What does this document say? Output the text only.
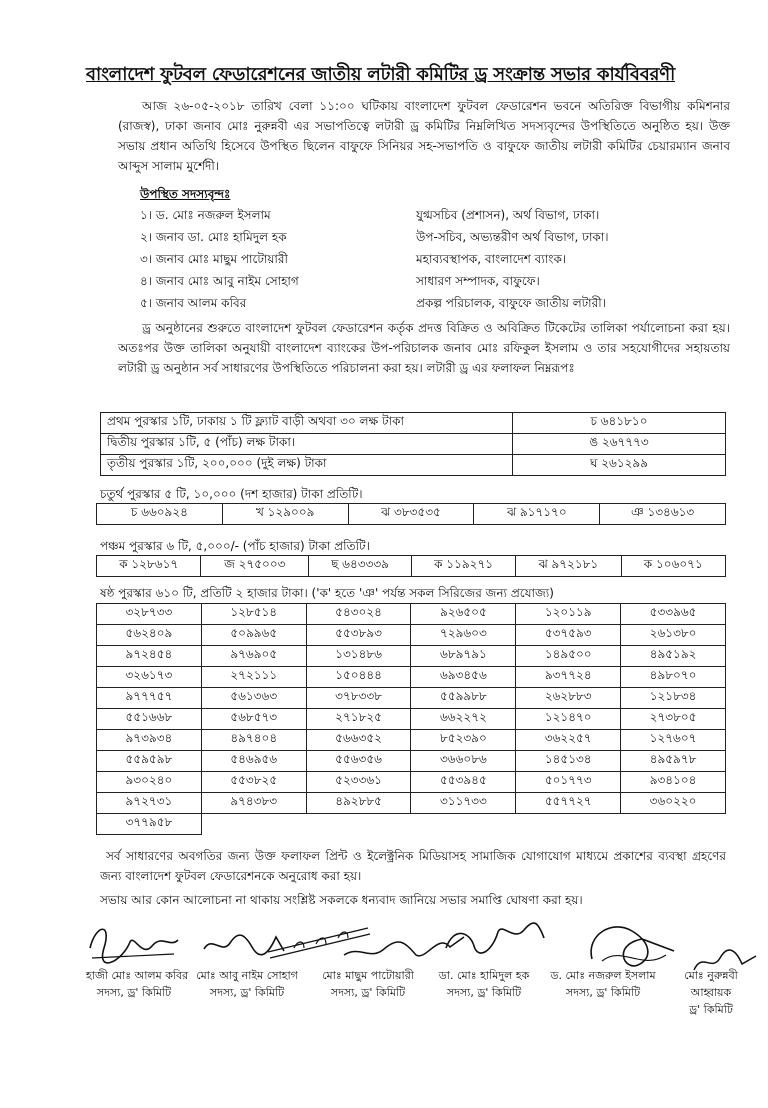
বাংলাদেশ ফুটবল ফেডারেশনের জাতীয় লটারী কমিটির ড্র সংক্রান্ত সভার কার্যবিবরণী
আজ ২৬-০৫-২০১৮ তারিখ বেলা ১১:০০ ঘটিকায় বাংলাদেশ ফুটবল ফেডারেশন ভবনে অতিরিক্ত বিভাগীয় কমিশনার (রাজস্ব), ঢাকা জনাব মোঃ নুরুন্নবী এর সভাপতিত্বে লটারী ড্র কমিটির নিম্নলিখিত সদস্যবৃন্দের উপস্থিতিতে অনুষ্ঠিত হয়। উক্ত সভায় প্রধান অতিথি হিসেবে উপস্থিত ছিলেন বাফুফে সিনিয়র সহ-সভাপতি ও বাফুফে জাতীয় লটারী কমিটির চেয়ারম্যান জনাব আব্দুস সালাম মুর্শেদী।
উপস্থিত সদস্যবৃন্দঃ
১। ড. মোঃ নজরুল ইসলাম	যুগ্মসচিব (প্রশাসন), অর্থ বিভাগ, ঢাকা।
২। জনাব ডা. মোঃ হামিদুল হক	উপ-সচিব, অভ্যন্তরীণ অর্থ বিভাগ, ঢাকা।
৩। জনাব মোঃ মাছুম পাটোয়ারী	মহাব্যবস্থাপক, বাংলাদেশ ব্যাংক।
৪। জনাব মোঃ আবু নাইম সোহাগ	সাধারণ সম্পাদক, বাফুফে।
৫। জনাব আলম কবির	প্রকল্প পরিচালক, বাফুফে জাতীয় লটারী।
ড্র অনুষ্ঠানের শুরুতে বাংলাদেশ ফুটবল ফেডারেশন কর্তৃক প্রদত্ত বিক্রিত ও অবিক্রিত টিকেটের তালিকা পর্যালোচনা করা হয়। অতঃপর উক্ত তালিকা অনুযায়ী বাংলাদেশ ব্যাংকের উপ-পরিচালক জনাব মোঃ রফিকুল ইসলাম ও তার সহযোগীদের সহায়তায় লটারী ড্র অনুষ্ঠান সর্ব সাধারণের উপস্থিতিতে পরিচালনা করা হয়। লটারী ড্র এর ফলাফল নিম্নরূপঃ
প্রথম পুরস্কার ১টি, ঢাকায় ১ টি ফ্ল্যাট বাড়ী অথবা ৩০ লক্ষ টাকা	চ ৬৪১৮১০
দ্বিতীয় পুরস্কার ১টি, ৫ (পাঁচ) লক্ষ টাকা।	ঙ ২৬৭৭৭৩
তৃতীয় পুরস্কার ১টি, ২০০,০০০ (দুই লক্ষ) টাকা	ঘ ২৬১২৯৯
চতুর্থ পুরস্কার ৫ টি, ১০,০০০ (দশ হাজার) টাকা প্রতিটি।
চ ৬৬০৯২৪	খ ১২৯০০৯	ঝ ৩৮৩৫৩৫	ঝ ৯১৭১৭০	ঞ ১৩৪৬১৩
পঞ্চম পুরস্কার ৬ টি, ৫,০০০/- (পাঁচ হাজার) টাকা প্রতিটি।
ক ১২৮৬১৭	জ ২৭৫০০৩	ছ ৬৪৩৩৩৯	ক ১১৯২৭১	ঝ ৯৭২১৮১	ক ১০৬০৭১
ষষ্ঠ পুরস্কার ৬১০ টি, প্রতিটি ২ হাজার টাকা। ('ক' হতে 'ঞ' পর্যন্ত সকল সিরিজের জন্য প্রযোজ্য)
৩২৮৭৩৩	১২৮৫১৪	৫৪৩০২৪	৯২৬৫০৫	১২০১১৯	৫৩৩৯৬৫
৫৬২৪০৯	৫০৯৯৬৫	৫৫৩৮৯৩	৭২৯৬০৩	৫৩৭৫৯৩	২৬১৩৮০
৯৭২৪৫৪	৯৭৬৯০৫	১৩১৪৮৬	৬৮৯৭৯১	১৪৯৫০০	৪৯৫১৯২
৩২৬১৭৩	২৭২১১১	১৫০৪৪৪	৬৯৩৪৫৬	৯৩৭৭২৪	৪৯৮০৭০
৯৭৭৭৫৭	৫৬১৩৬৩	৩৭৮৩৩৮	৫৫৯৯৮৮	২৬২৮৮৩	১২১৮৩৪
৫৫১৬৬৮	৫৬৮৫৭৩	২৭১৮২৫	৬৬২২৭২	১২১৪৭০	২৭৩৮০৫
৯৭৩৯৩৪	৪৯৭৪০৪	৫৬৬৩৫২	৮৫২৩৯০	৩৬২২৫৭	১২৭৬০৭
৫৫৯৫৯৮	৫৪৬৯৫৬	৫৫৬৩৫৬	৩৬৬০৮৬	১৪৫১৩৪	৪৯৫৯৭৮
৯৩০২৪০	৫৫৩৮২৫	৫২৩৩৬১	৫৫৩৯৪৫	৫০১৭৭৩	৯৩৪১০৪
৯৭২৭৩১	৯৭৪৩৮৩	৪৯২৮৮৫	৩১১৭৩৩	৫৫৭৭২৭	৩৬০২২০
৩৭৭৯৫৮					
সর্ব সাধারণের অবগতির জন্য উক্ত ফলাফল প্রিন্ট ও ইলেক্ট্রনিক মিডিয়াসহ সামাজিক যোগাযোগ মাধ্যমে প্রকাশের ব্যবস্থা গ্রহণের জন্য বাংলাদেশ ফুটবল ফেডারেশনকে অনুরোধ করা হয়।
সভায় আর কোন আলোচনা না থাকায় সংশ্লিষ্ট সকলকে ধন্যবাদ জানিয়ে সভার সমাপ্তি ঘোষণা করা হয়।
হাজী মোঃ আলম কবির
সদস্য, ড্র' কিমিটি
মোঃ আবু নাইম সোহাগ
সদস্য, ড্র' কিমিটি
মোঃ মাছুম পাটোয়ারী
সদস্য, ড্র' কিমিটি
ডা. মোঃ হামিদুল হক
সদস্য, ড্র' কিমিটি
ড. মোঃ নজরুল ইসলাম
সদস্য, ড্র' কিমিটি
মোঃ নুরুন্নবী
আহ্বায়ক
ড্র' কিমিটি
